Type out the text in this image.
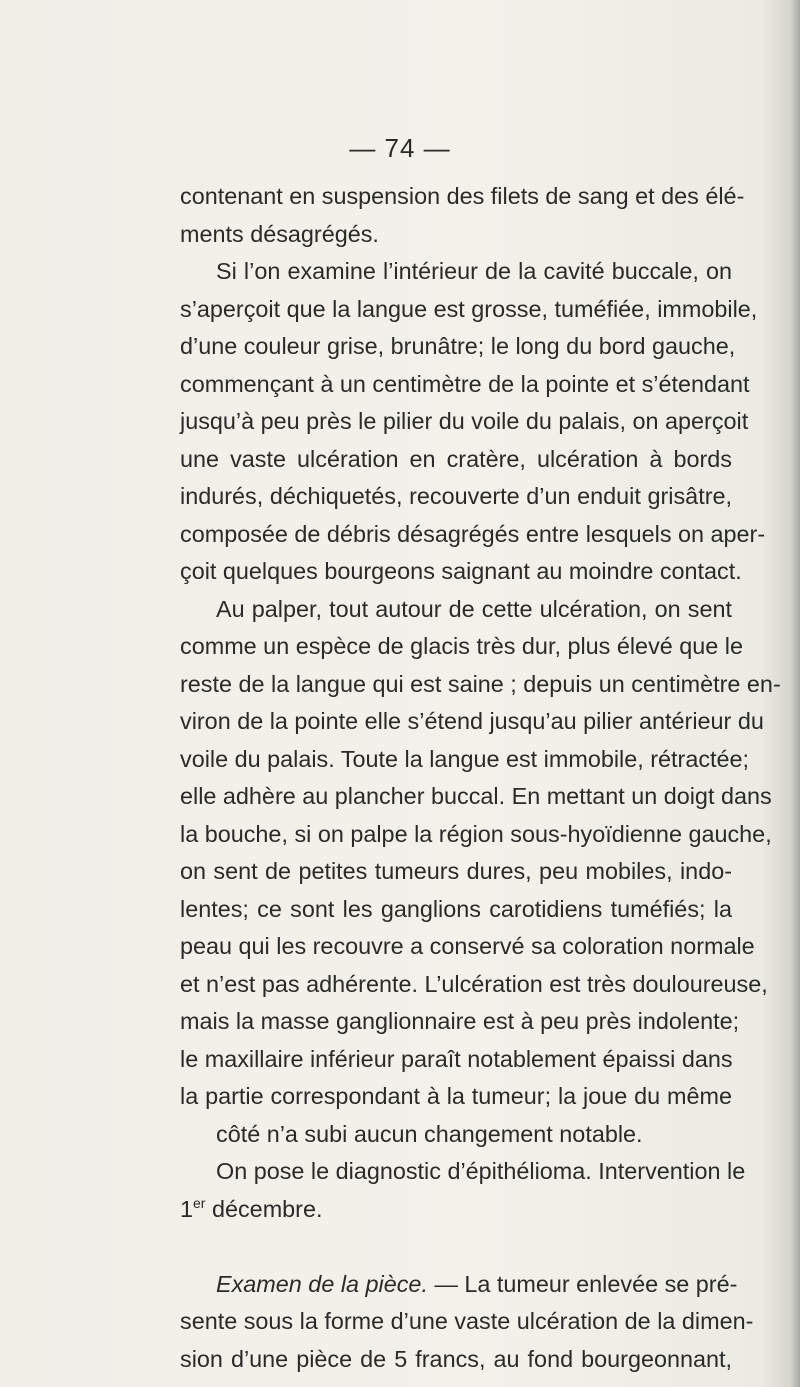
— 74 —
contenant en suspension des filets de sang et des élé-
ments désagrégés.
Si l’on examine l’intérieur de la cavité buccale, on
s’aperçoit que la langue est grosse, tuméfiée, immobile,
d’une couleur grise, brunâtre; le long du bord gauche,
commençant à un centimètre de la pointe et s’étendant
jusqu’à peu près le pilier du voile du palais, on aperçoit
une vaste ulcération en cratère, ulcération à bords
indurés, déchiquetés, recouverte d’un enduit grisâtre,
composée de débris désagrégés entre lesquels on aper-
çoit quelques bourgeons saignant au moindre contact.
Au palper, tout autour de cette ulcération, on sent
comme un espèce de glacis très dur, plus élevé que le
reste de la langue qui est saine ; depuis un centimètre en-
viron de la pointe elle s’étend jusqu’au pilier antérieur du
voile du palais. Toute la langue est immobile, rétractée;
elle adhère au plancher buccal. En mettant un doigt dans
la bouche, si on palpe la région sous-hyoïdienne gauche,
on sent de petites tumeurs dures, peu mobiles, indo-
lentes; ce sont les ganglions carotidiens tuméfiés; la
peau qui les recouvre a conservé sa coloration normale
et n’est pas adhérente. L’ulcération est très douloureuse,
mais la masse ganglionnaire est à peu près indolente;
le maxillaire inférieur paraît notablement épaissi dans
la partie correspondant à la tumeur; la joue du même
côté n’a subi aucun changement notable.
On pose le diagnostic d’épithélioma. Intervention le
1er décembre.
Examen de la pièce. — La tumeur enlevée se pré-
sente sous la forme d’une vaste ulcération de la dimen-
sion d’une pièce de 5 francs, au fond bourgeonnant,
